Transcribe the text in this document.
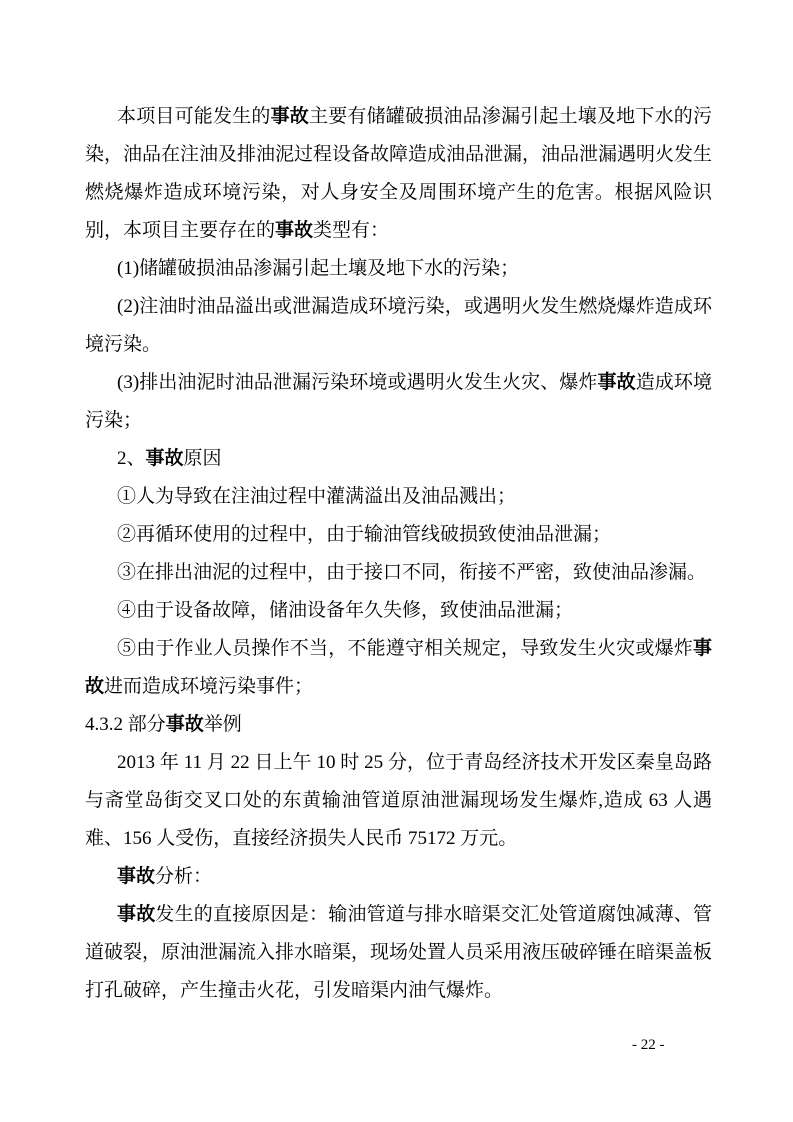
本项目可能发生的事故主要有储罐破损油品渗漏引起土壤及地下水的污染，油品在注油及排油泥过程设备故障造成油品泄漏，油品泄漏遇明火发生燃烧爆炸造成环境污染，对人身安全及周围环境产生的危害。根据风险识别，本项目主要存在的事故类型有：

(1)储罐破损油品渗漏引起土壤及地下水的污染；

(2)注油时油品溢出或泄漏造成环境污染，或遇明火发生燃烧爆炸造成环境污染。

(3)排出油泥时油品泄漏污染环境或遇明火发生火灾、爆炸事故造成环境污染；

2、事故原因

①人为导致在注油过程中灌满溢出及油品溅出；

②再循环使用的过程中，由于输油管线破损致使油品泄漏；

③在排出油泥的过程中，由于接口不同，衔接不严密，致使油品渗漏。

④由于设备故障，储油设备年久失修，致使油品泄漏；

⑤由于作业人员操作不当，不能遵守相关规定，导致发生火灾或爆炸事故进而造成环境污染事件；

4.3.2 部分事故举例

2013 年 11 月 22 日上午 10 时 25 分，位于青岛经济技术开发区秦皇岛路与斋堂岛街交叉口处的东黄输油管道原油泄漏现场发生爆炸,造成 63 人遇难、156 人受伤，直接经济损失人民币 75172 万元。

事故分析：

事故发生的直接原因是：输油管道与排水暗渠交汇处管道腐蚀减薄、管道破裂，原油泄漏流入排水暗渠，现场处置人员采用液压破碎锤在暗渠盖板打孔破碎，产生撞击火花，引发暗渠内油气爆炸。

- 22 -
